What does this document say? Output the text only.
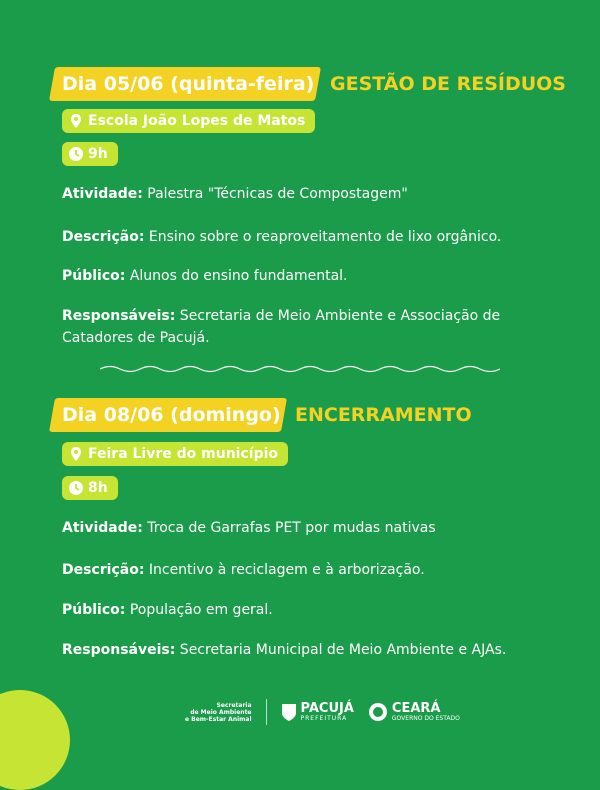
Dia 05/06 (quinta-feira) GESTÃO DE RESÍDUOS
Escola João Lopes de Matos
9h
Atividade: Palestra "Técnicas de Compostagem"
Descrição: Ensino sobre o reaproveitamento de lixo orgânico.
Público: Alunos do ensino fundamental.
Responsáveis: Secretaria de Meio Ambiente e Associação de Catadores de Pacujá.
Dia 08/06 (domingo) ENCERRAMENTO
Feira Livre do município
8h
Atividade: Troca de Garrafas PET por mudas nativas
Descrição: Incentivo à reciclagem e à arborização.
Público: População em geral.
Responsáveis: Secretaria Municipal de Meio Ambiente e AJAs.
Secretaria
de Meio Ambiente
e Bem-Estar Animal
PACUJÁ
PREFEITURA
CEARÁ
GOVERNO DO ESTADO
